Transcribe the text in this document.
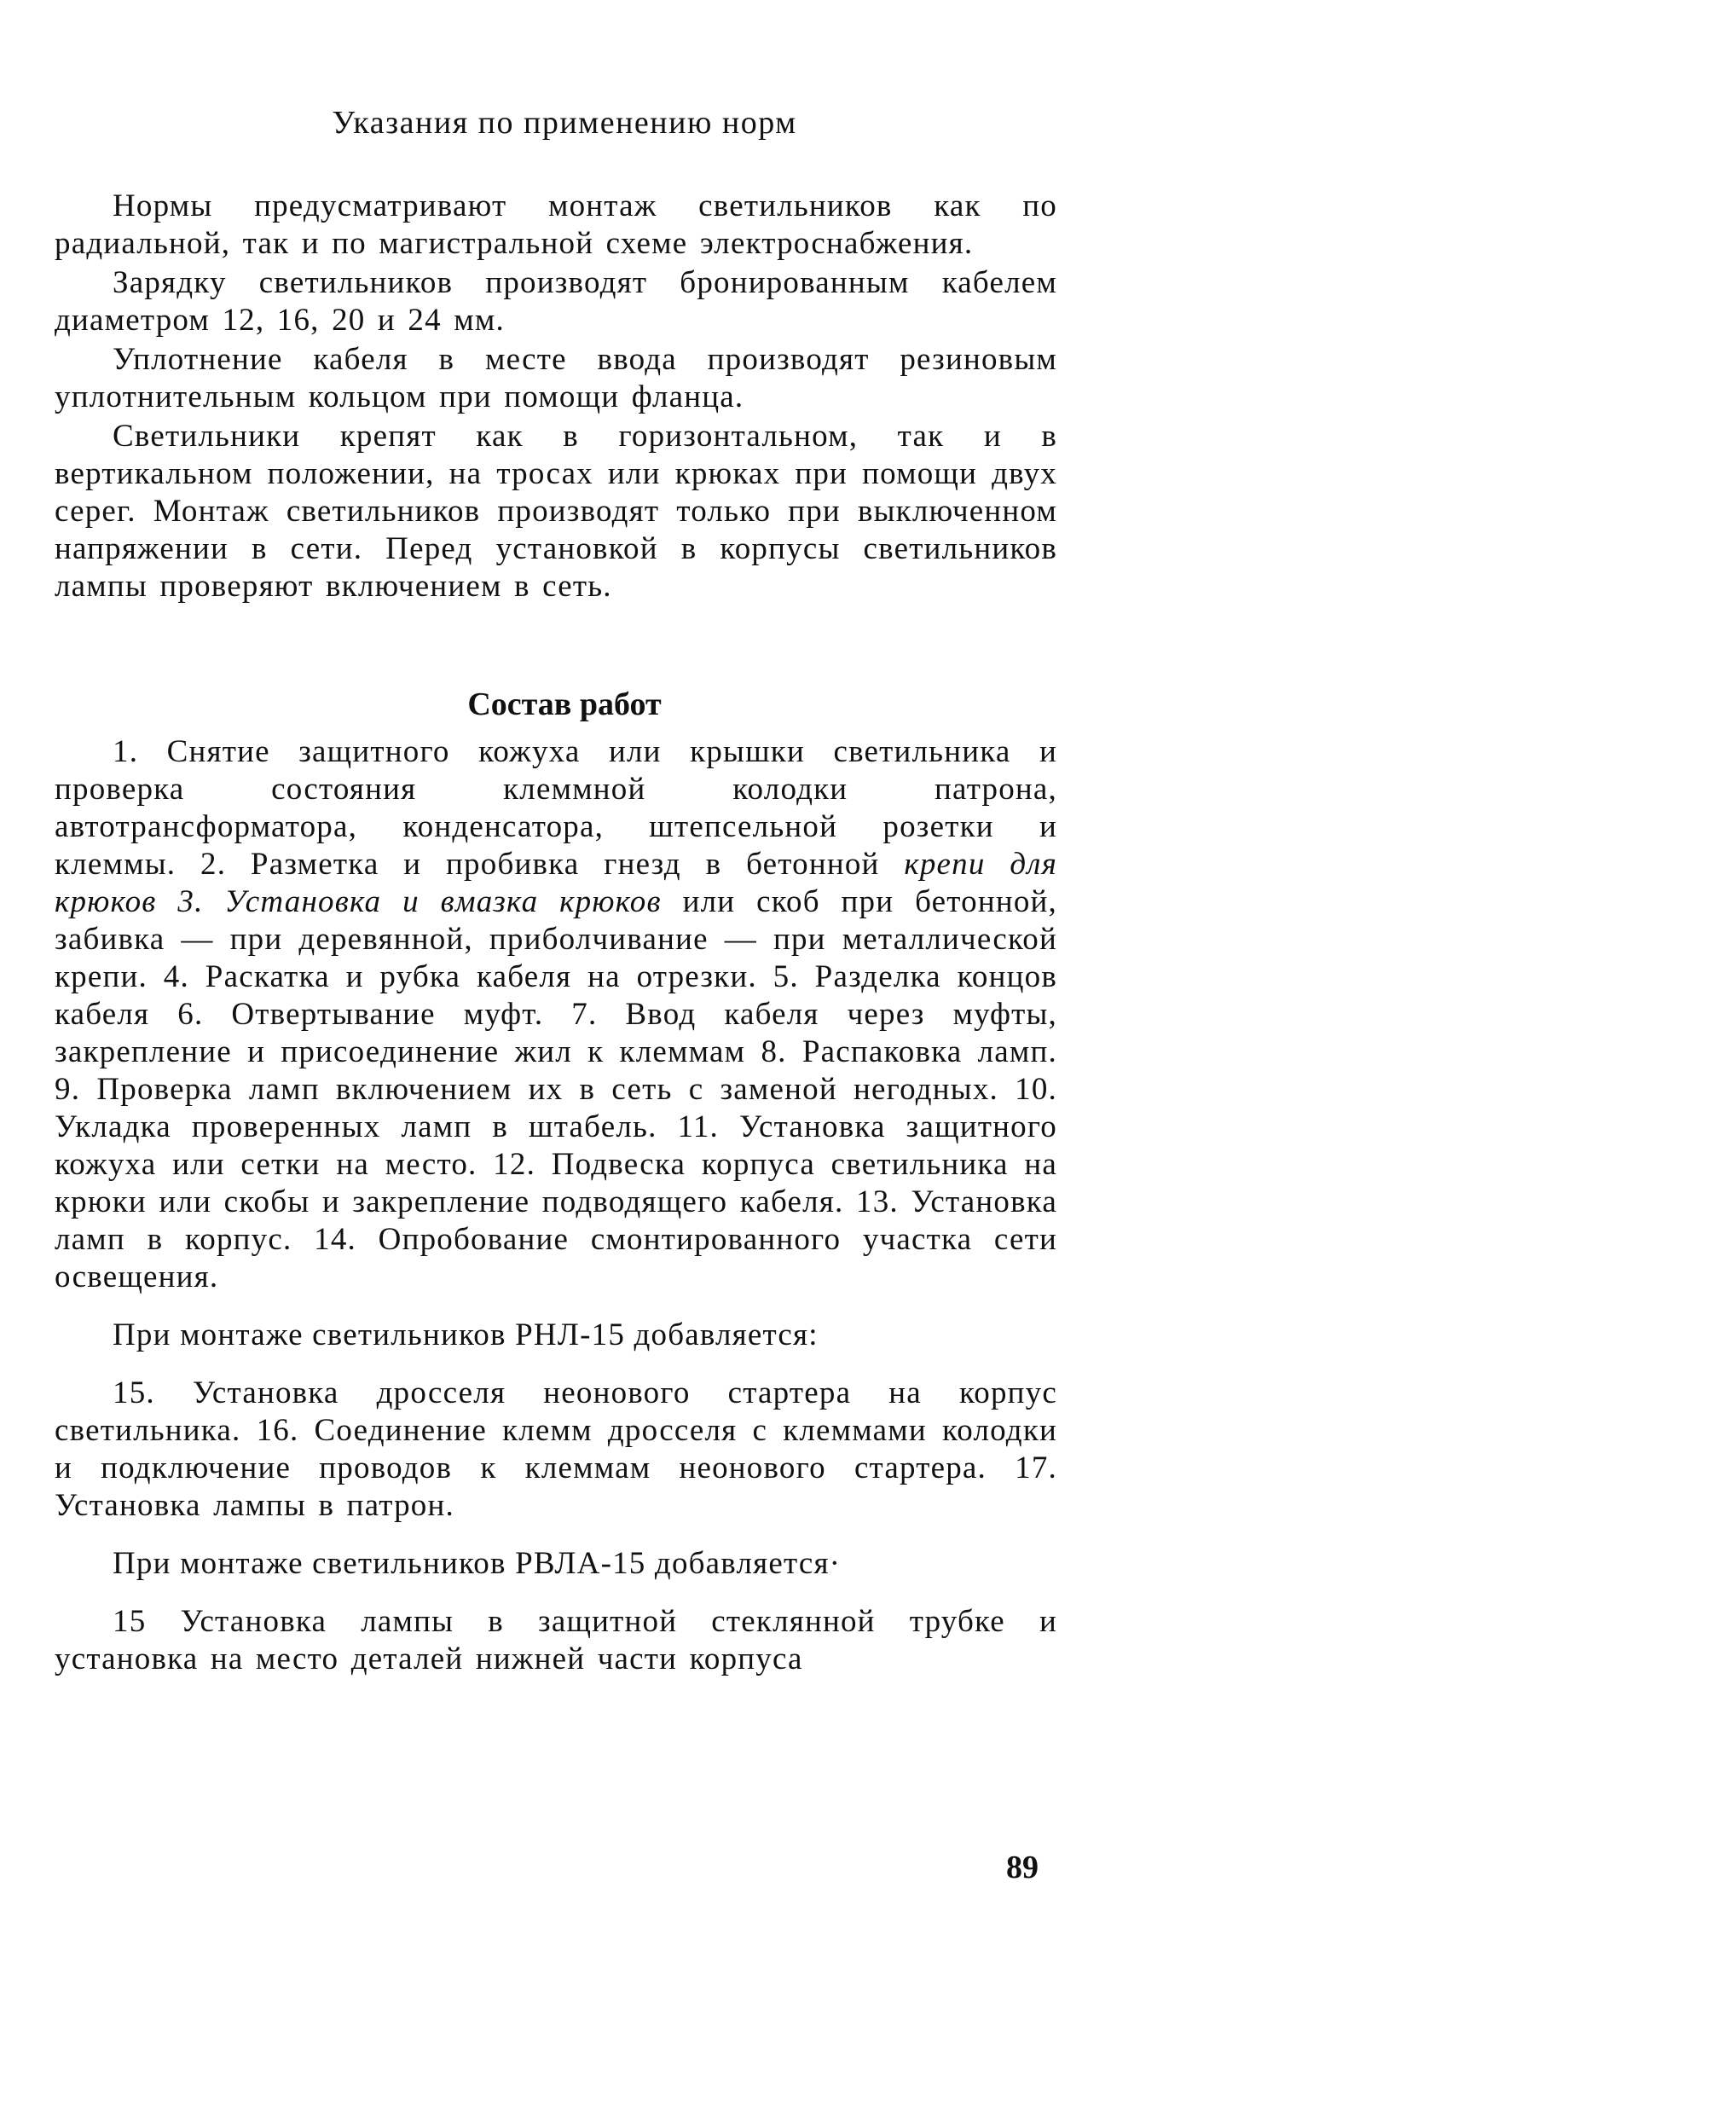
Указания по применению норм

Нормы предусматривают монтаж светильников как по радиальной, так и по магистральной схеме электроснабжения.

Зарядку светильников производят бронированным кабелем диаметром 12, 16, 20 и 24 мм.

Уплотнение кабеля в месте ввода производят резиновым уплотнительным кольцом при помощи фланца.

Светильники крепят как в горизонтальном, так и в вертикальном положении, на тросах или крюках при помощи двух серег. Монтаж светильников производят только при выключенном напряжении в сети. Перед установкой в корпусы светильников лампы проверяют включением в сеть.

Состав работ

1. Снятие защитного кожуха или крышки светильника и проверка состояния клеммной колодки патрона, автотрансформатора, конденсатора, штепсельной розетки и клеммы. 2. Разметка и пробивка гнезд в бетонной крепи для крюков 3. Установка и вмазка крюков или скоб при бетонной, забивка — при деревянной, приболчивание — при металлической крепи. 4. Раскатка и рубка кабеля на отрезки. 5. Разделка концов кабеля 6. Отвертывание муфт. 7. Ввод кабеля через муфты, закрепление и присоединение жил к клеммам 8. Распаковка ламп. 9. Проверка ламп включением их в сеть с заменой негодных. 10. Укладка проверенных ламп в штабель. 11. Установка защитного кожуха или сетки на место. 12. Подвеска корпуса светильника на крюки или скобы и закрепление подводящего кабеля. 13. Установка ламп в корпус. 14. Опробование смонтированного участка сети освещения.

При монтаже светильников РНЛ-15 добавляется:

15. Установка дросселя неонового стартера на корпус светильника. 16. Соединение клемм дросселя с клеммами колодки и подключение проводов к клеммам неонового стартера. 17. Установка лампы в патрон.

При монтаже светильников РВЛА-15 добавляется·

15 Установка лампы в защитной стеклянной трубке и установка на место деталей нижней части корпуса

89
